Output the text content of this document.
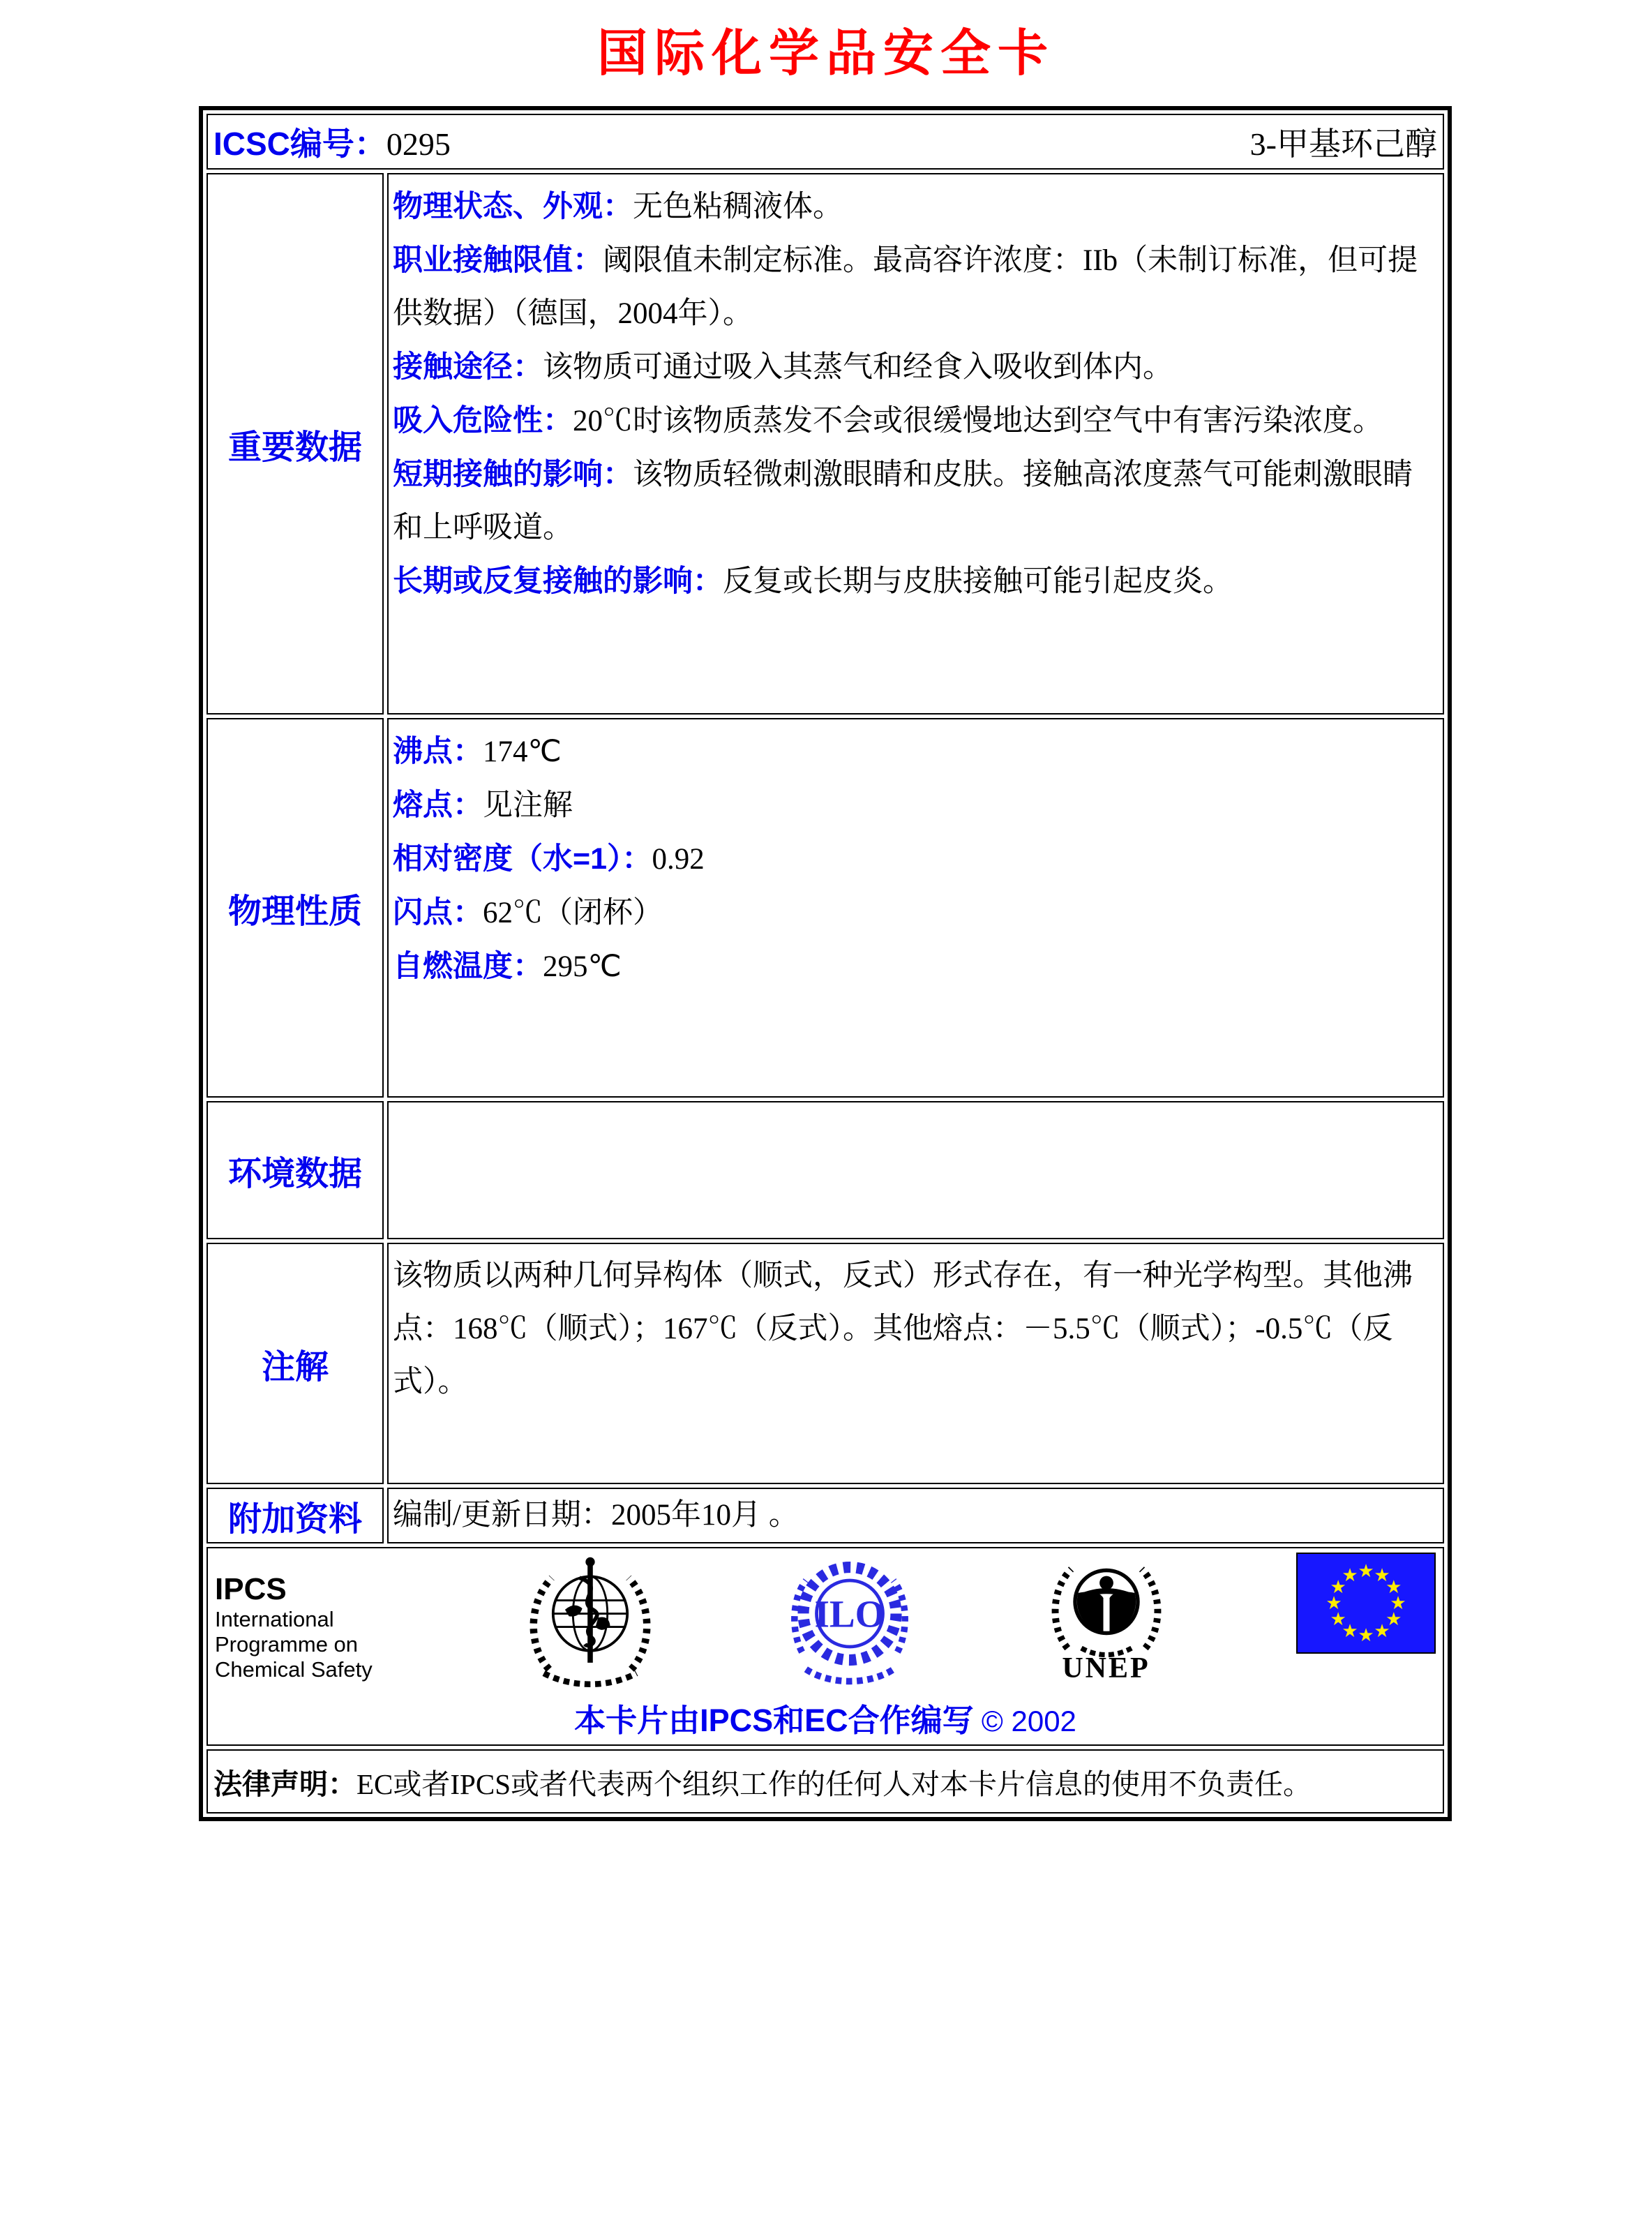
国际化学品安全卡
ICSC编号：0295 3-甲基环己醇	

重要数据	
物理状态、外观：无色粘稠液体。
职业接触限值：阈限值未制定标准。最高容许浓度：IIb（未制订标准，但可提供数据）（德国，2004年）。
接触途径：该物质可通过吸入其蒸气和经食入吸收到体内。
吸入危险性：20℃时该物质蒸发不会或很缓慢地达到空气中有害污染浓度。
短期接触的影响：该物质轻微刺激眼睛和皮肤。接触高浓度蒸气可能刺激眼睛和上呼吸道。
长期或反复接触的影响：反复或长期与皮肤接触可能引起皮炎。

物理性质	沸点：174℃
熔点：见注解
相对密度（水=1）：0.92
闪点：62℃（闭杯）
自燃温度：295℃

环境数据	

注解	该物质以两种几何异构体（顺式，反式）形式存在，有一种光学构型。其他沸点：168℃（顺式）；167℃（反式）。其他熔点：－5.5℃（顺式）；-0.5℃（反式）。

附加资料	编制/更新日期：2005年10月 。

IPCS
International
Programme on
Chemical Safety
ILO
UNEP
★ ★
★
★
★
★
★
★
★
★
★
★
本卡片由IPCS和EC合作编写 © 2002

法律声明：EC或者IPCS或者代表两个组织工作的任何人对本卡片信息的使用不负责任。	
